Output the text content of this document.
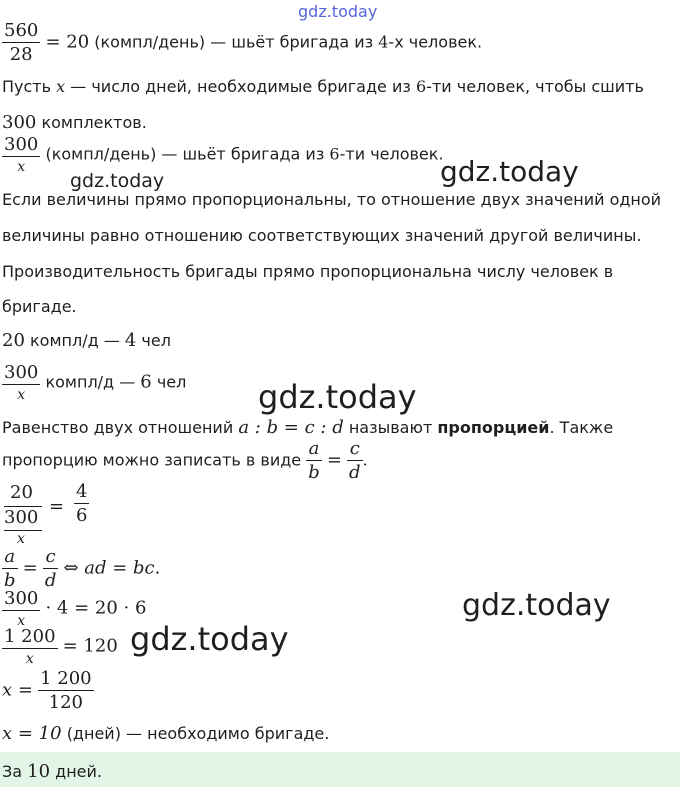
gdz.today
$\frac{560}{28} = 20$ (компл/день) — шьёт бригада из 4-х человек.
Пусть x — число дней, необходимые бригаде из 6-ти человек, чтобы сшить
300 комплектов.
$\frac{300}{x}$ (компл/день) — шьёт бригада из 6-ти человек.
gdz.today
gdz.today
Если величины прямо пропорциональны, то отношение двух значений одной
величины равно отношению соответствующих значений другой величины.
Производительность бригады прямо пропорциональна числу человек в
бригаде.
20 компл/д — 4 чел
$\frac{300}{x}$ компл/д — 6 чел gdz.today
Равенство двух отношений a : b = c : d называют пропорцией. Также
пропорцию можно записать в виде $\frac{a}{b} = \frac{c}{d}$ .
20
300
x
= $\frac{4}{6}$
$\frac{a}{b} = \frac{c}{d}$ ⇔ ad = bc.
gdz.today
$\frac{300}{x} \cdot 4 = 20 \cdot 6$
gdz.today
$\frac{1 200}{x} = 120$
$x = \frac{1 200}{120}$
x = 10 (дней) — необходимо бригаде.
За 10 дней.
